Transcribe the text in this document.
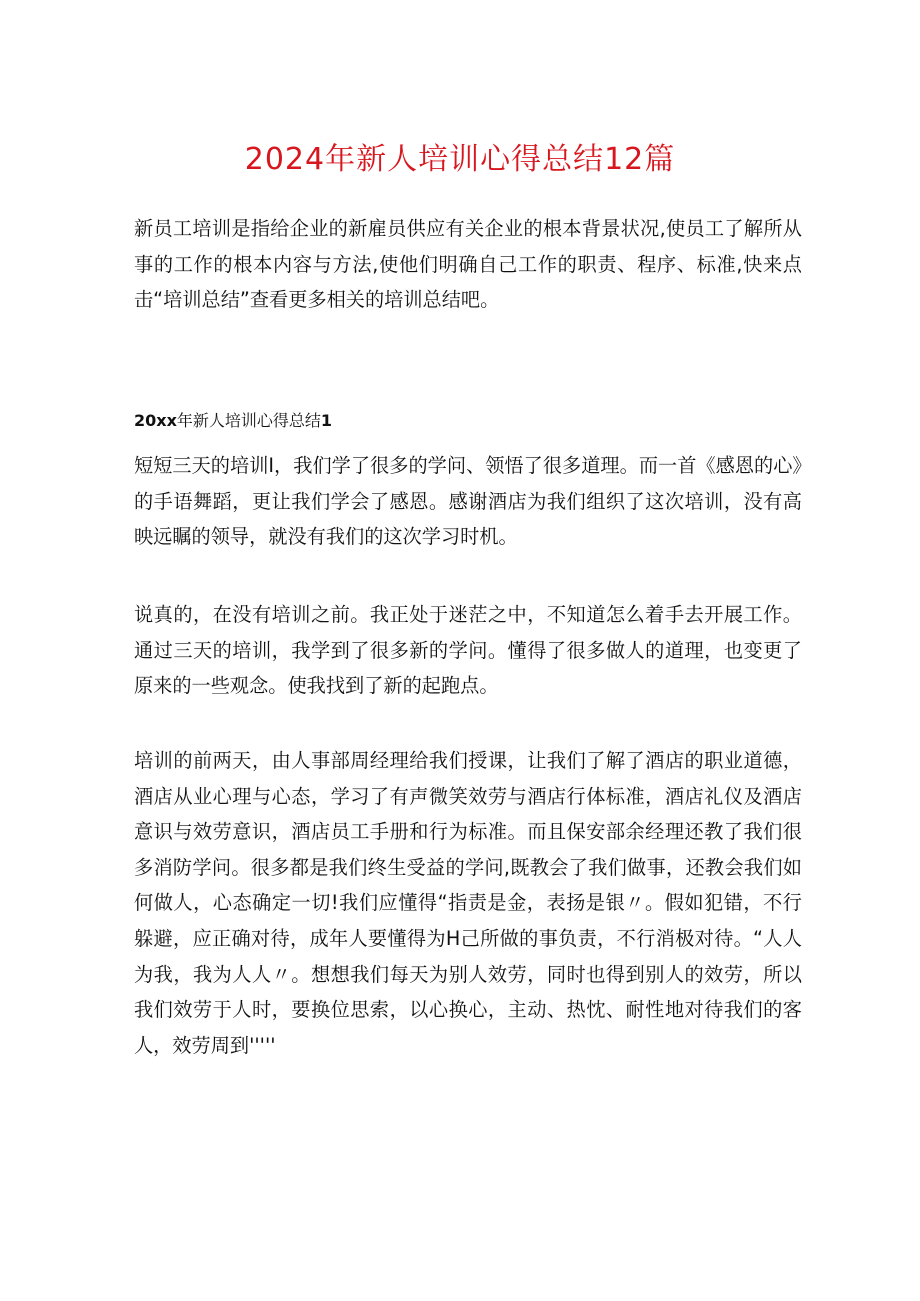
2024年新人培训心得总结12篇
新员工培训是指给企业的新雇员供应有关企业的根本背景状况,使员工了解所从事的工作的根本内容与方法,使他们明确自己工作的职责、程序、标准,快来点击“培训总结”查看更多相关的培训总结吧。
20xx年新人培训心得总结1
短短三天的培训I，我们学了很多的学问、领悟了很多道理。而一首《感恩的心》的手语舞蹈，更让我们学会了感恩。感谢酒店为我们组织了这次培训，没有高映远瞩的领导，就没有我们的这次学习时机。
说真的，在没有培训之前。我正处于迷茫之中，不知道怎么着手去开展工作。通过三天的培训，我学到了很多新的学问。懂得了很多做人的道理，也变更了原来的一些观念。使我找到了新的起跑点。
培训的前两天，由人事部周经理给我们授课，让我们了解了酒店的职业道德，酒店从业心理与心态，学习了有声微笑效劳与酒店行体标准，酒店礼仪及酒店意识与效劳意识，酒店员工手册和行为标准。而且保安部余经理还教了我们很多消防学问。很多都是我们终生受益的学问,既教会了我们做事，还教会我们如何做人，心态确定一切!我们应懂得“指责是金，表扬是银〃。假如犯错，不行躲避，应正确对待，成年人要懂得为H己所做的事负责，不行消极对待。“人人为我，我为人人〃。想想我们每天为别人效劳，同时也得到别人的效劳，所以我们效劳于人时，要换位思索，以心换心，主动、热忱、耐性地对待我们的客人，效劳周到'''''
